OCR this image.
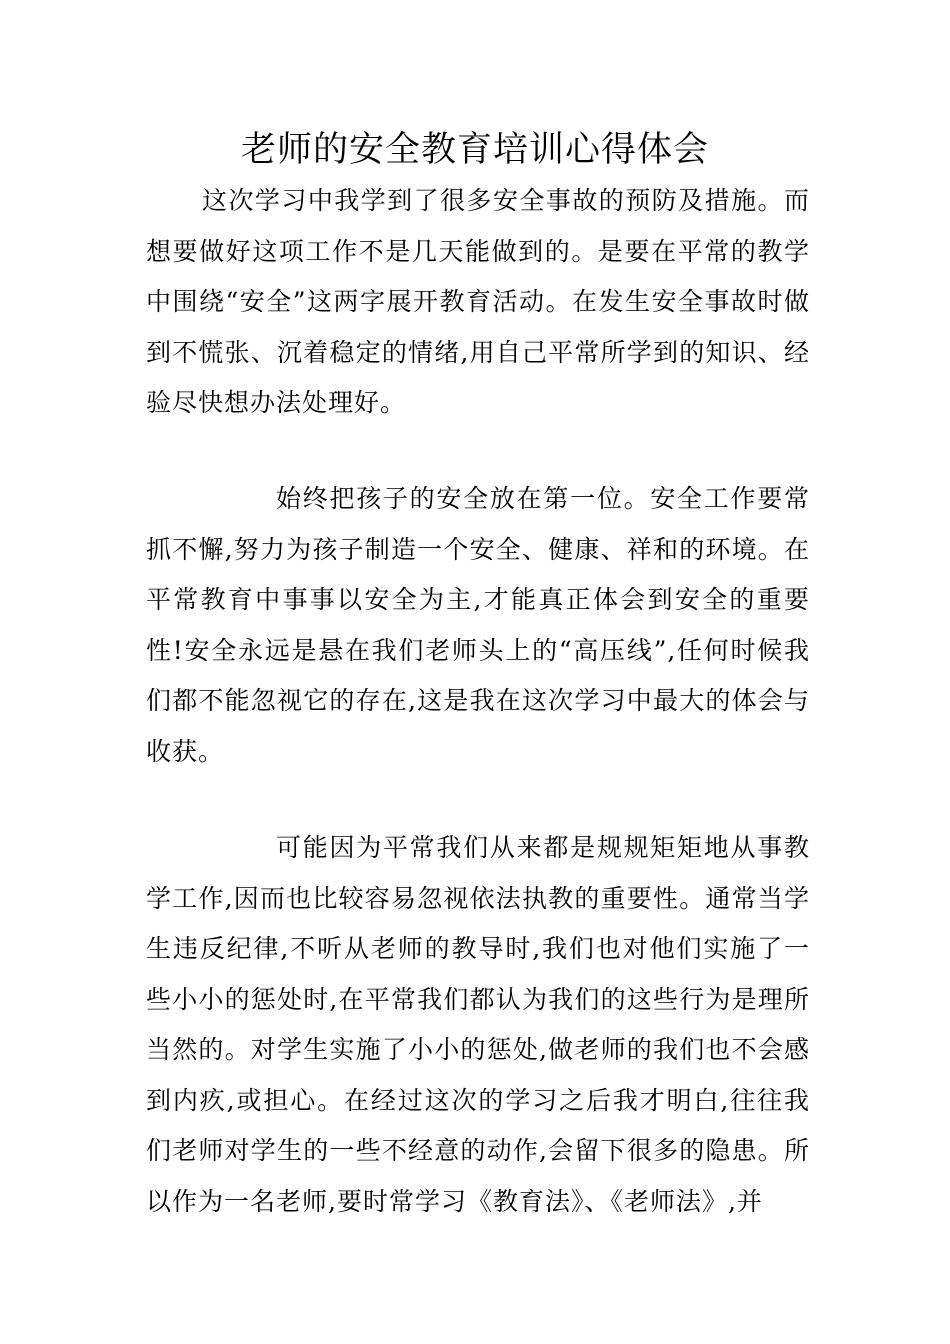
老师的安全教育培训心得体会

这次学习中我学到了很多安全事故的预防及措施。而想要做好这项工作不是几天能做到的。是要在平常的教学中围绕“安全”这两字展开教育活动。在发生安全事故时做到不慌张、沉着稳定的情绪,用自己平常所学到的知识、经验尽快想办法处理好。

始终把孩子的安全放在第一位。安全工作要常抓不懈,努力为孩子制造一个安全、健康、祥和的环境。在平常教育中事事以安全为主,才能真正体会到安全的重要性!安全永远是悬在我们老师头上的“高压线”,任何时候我们都不能忽视它的存在,这是我在这次学习中最大的体会与收获。

可能因为平常我们从来都是规规矩矩地从事教学工作,因而也比较容易忽视依法执教的重要性。通常当学生违反纪律,不听从老师的教导时,我们也对他们实施了一些小小的惩处时,在平常我们都认为我们的这些行为是理所当然的。对学生实施了小小的惩处,做老师的我们也不会感到内疚,或担心。在经过这次的学习之后我才明白,往往我们老师对学生的一些不经意的动作,会留下很多的隐患。所以作为一名老师,要时常学习《教育法》、《老师法》,并
